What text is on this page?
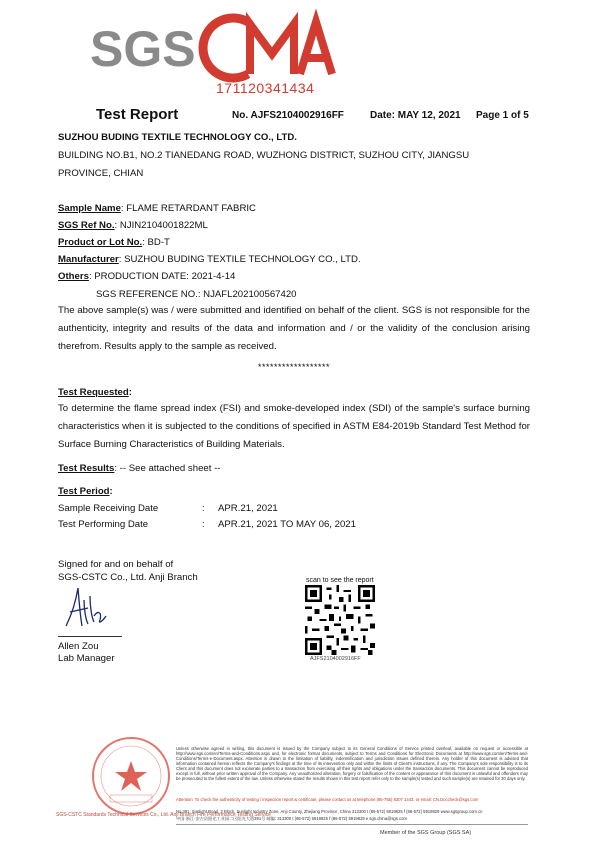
SGS
CMA
171120341434
Test Report	No. AJFS2104002916FF	Date: MAY 12, 2021 Page 1 of 5
SUZHOU BUDING TEXTILE TECHNOLOGY CO., LTD.
BUILDING NO.B1, NO.2 TIANEDANG ROAD, WUZHONG DISTRICT, SUZHOU CITY, JIANGSU
PROVINCE, CHIAN
Sample Name: FLAME RETARDANT FABRIC
SGS Ref No.: NJIN2104001822ML
Product or Lot No.: BD-T
Manufacturer: SUZHOU BUDING TEXTILE TECHNOLOGY CO., LTD.
Others: PRODUCTION DATE: 2021-4-14
SGS REFERENCE NO.: NJAFL202100567420
The above sample(s) was / were submitted and identified on behalf of the client. SGS is not responsible for the authenticity, integrity and results of the data and information and / or the validity of the conclusion arising therefrom. Results apply to the sample as received.
******************
Test Requested:
To determine the flame spread index (FSI) and smoke-developed index (SDI) of the sample's surface burning characteristics when it is subjected to the conditions of specified in ASTM E84-2019b Standard Test Method for Surface Burning Characteristics of Building Materials.
Test Results: -- See attached sheet --
Test Period:
Sample Receiving Date	: APR.21, 2021
Test Performing Date	: APR.21, 2021 TO MAY 06, 2021
Signed for and on behalf of
SGS-CSTC Co., Ltd. Anji Branch
Allen Zou
Lab Manager
scan to see the report
AJFS2104002916FF
SGS-CSTC Standards Technical Services Co., Ltd. Anji Branch Fire Performance Testing Service
Unless otherwise agreed in writing, this document is issued by the Company subject to its General Conditions of Service printed overleaf, available on request or accessible at http://www.sgs.com/en/Terms-and-Conditions.aspx and, for electronic format documents, subject to Terms and Conditions for Electronic Documents at http://www.sgs.com/en/Terms-and-Conditions/Terms-e-Document.aspx. Attention is drawn to the limitation of liability, indemnification and jurisdiction issues defined therein. Any holder of this document is advised that information contained hereon reflects the Company's findings at the time of its intervention only and within the limits of Client's instructions, if any. The Company's sole responsibility is to its Client and this document does not exonerate parties to a transaction from exercising all their rights and obligations under the transaction documents. This document cannot be reproduced except in full, without prior written approval of the Company. Any unauthorized alteration, forgery or falsification of the content or appearance of this document is unlawful and offenders may be prosecuted to the fullest extent of the law. Unless otherwise stated the results shown in this test report refer only to the sample(s) tested and such sample(s) are retained for 30 days only.
Attention: To check the authenticity of testing / inspection report & certificate, please contact us at telephone:(86-755) 8307 1443, or email: CN.Doccheck@sgs.com
No.391, Sunlight Road, 2 Block, Sunlight Industry Zone, Anji County, Zhejiang Province, China 313300 t (86-572) 5919825 f (86-572) 5919829 www.sgsgroup.com.cn
中国·浙江·安吉县阳光工业园二区阳光大道391号 邮编: 313300 t (86-572) 5919825 f (86-572) 5919829 e sgs.china@sgs.com
Member of the SGS Group (SGS SA)
